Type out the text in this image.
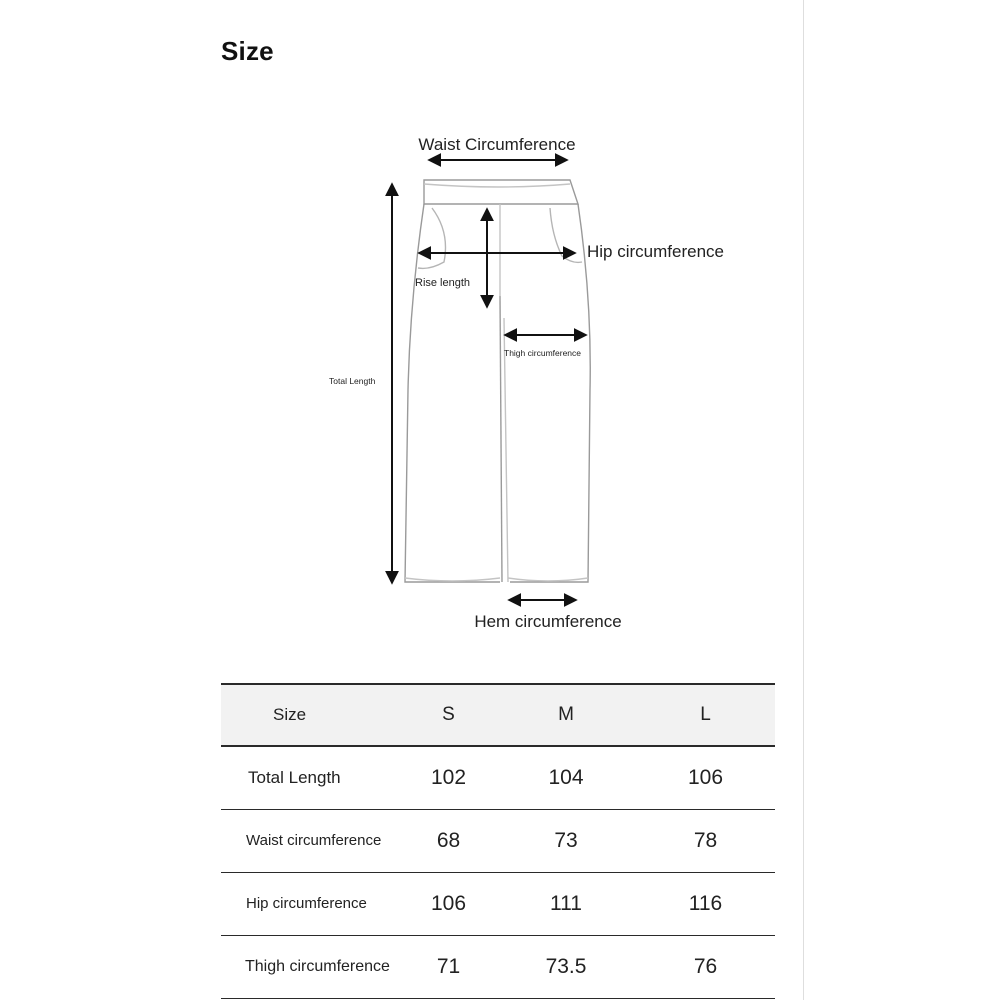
Size
Waist Circumference
Hip circumference
Rise length
Thigh circumference
Total Length
Hem circumference
Size	S	M	L
Total Length	102	104	106
Waist circumference	68	73	78
Hip circumference	106	111	116
Thigh circumference	71	73.5	76
